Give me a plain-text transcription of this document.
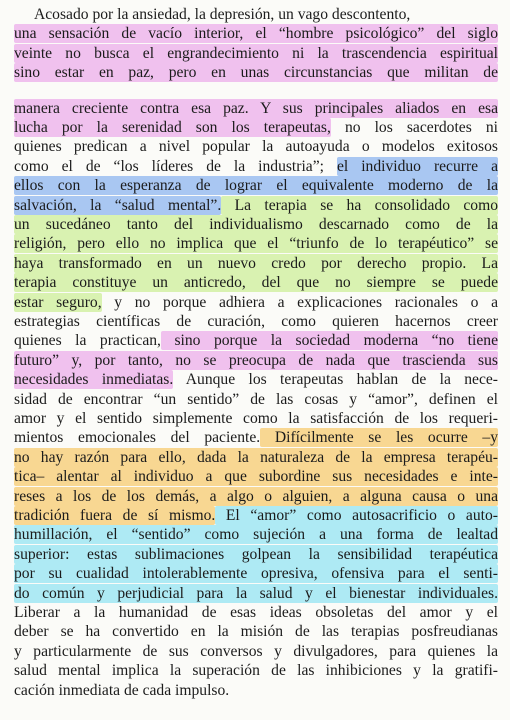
Acosado por la ansiedad, la depresión, un vago descontento,
una sensación de vacío interior, el “hombre psicológico” del siglo
veinte no busca el engrandecimiento ni la trascendencia espiritual
sino estar en paz, pero en unas circunstancias que militan de
manera creciente contra esa paz. Y sus principales aliados en esa
lucha por la serenidad son los terapeutas, no los sacerdotes ni
quienes predican a nivel popular la autoayuda o modelos exitosos
como el de “los líderes de la industria”; el individuo recurre a
ellos con la esperanza de lograr el equivalente moderno de la
salvación, la “salud mental”. La terapia se ha consolidado como
un sucedáneo tanto del individualismo descarnado como de la
religión, pero ello no implica que el “triunfo de lo terapéutico” se
haya transformado en un nuevo credo por derecho propio. La
terapia constituye un anticredo, del que no siempre se puede
estar seguro, y no porque adhiera a explicaciones racionales o a
estrategias científicas de curación, como quieren hacernos creer
quienes la practican, sino porque la sociedad moderna “no tiene
futuro” y, por tanto, no se preocupa de nada que trascienda sus
necesidades inmediatas. Aunque los terapeutas hablan de la nece-
sidad de encontrar “un sentido” de las cosas y “amor”, definen el
amor y el sentido simplemente como la satisfacción de los requeri-
mientos emocionales del paciente. Difícilmente se les ocurre –y
no hay razón para ello, dada la naturaleza de la empresa terapéu-
tica– alentar al individuo a que subordine sus necesidades e inte-
reses a los de los demás, a algo o alguien, a alguna causa o una
tradición fuera de sí mismo. El “amor” como autosacrificio o auto-
humillación, el “sentido” como sujeción a una forma de lealtad
superior: estas sublimaciones golpean la sensibilidad terapéutica
por su cualidad intolerablemente opresiva, ofensiva para el senti-
do común y perjudicial para la salud y el bienestar individuales.
Liberar a la humanidad de esas ideas obsoletas del amor y el
deber se ha convertido en la misión de las terapias posfreudianas
y particularmente de sus conversos y divulgadores, para quienes la
salud mental implica la superación de las inhibiciones y la gratifi-
cación inmediata de cada impulso.
